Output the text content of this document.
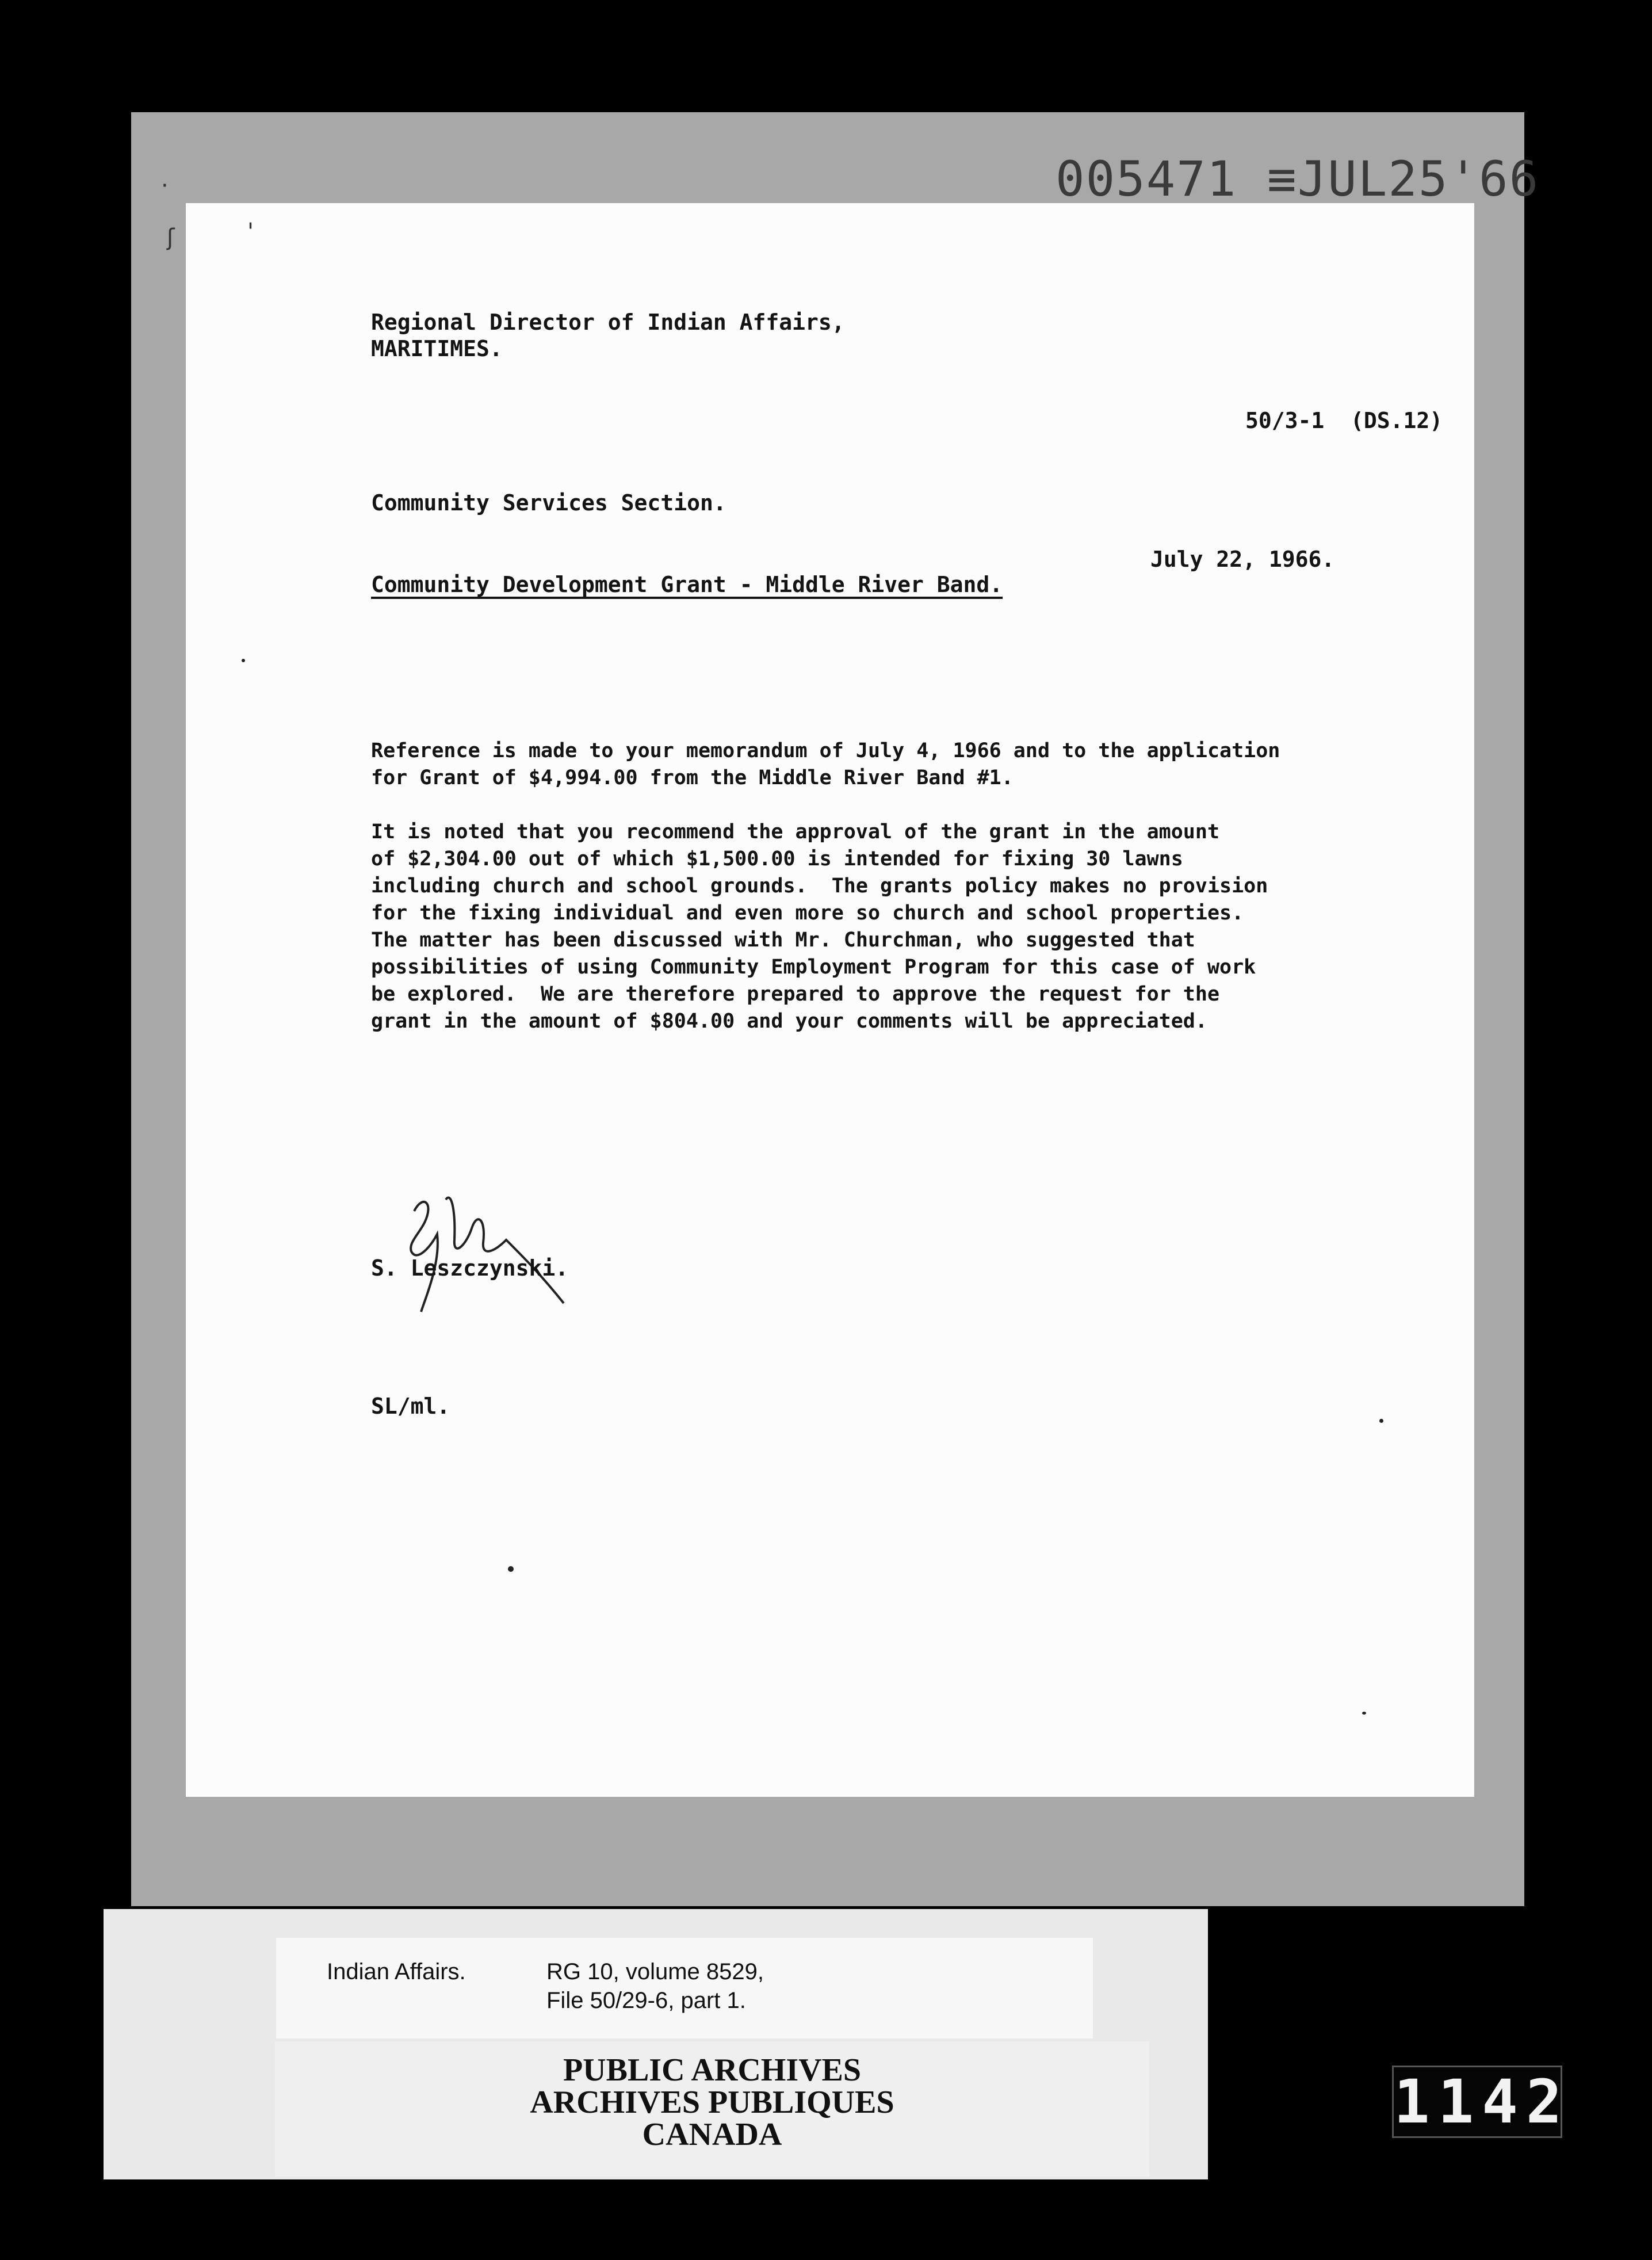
·
ʃ	'
005471 ≡JUL25'66
Regional Director of Indian Affairs,
MARITIMES.
50/3-1  (DS.12)
Community Services Section.
July 22, 1966.
Community Development Grant - Middle River Band.
Reference is made to your memorandum of July 4, 1966 and to the application
for Grant of $4,994.00 from the Middle River Band #1.
It is noted that you recommend the approval of the grant in the amount
of $2,304.00 out of which $1,500.00 is intended for fixing 30 lawns
including church and school grounds.  The grants policy makes no provision
for the fixing individual and even more so church and school properties.
The matter has been discussed with Mr. Churchman, who suggested that
possibilities of using Community Employment Program for this case of work
be explored.  We are therefore prepared to approve the request for the
grant in the amount of $804.00 and your comments will be appreciated.
S. Leszczynski.
SL/ml.
Indian Affairs.	RG 10, volume 8529,
File 50/29-6, part 1.
PUBLIC ARCHIVES
ARCHIVES PUBLIQUES
CANADA	1142
